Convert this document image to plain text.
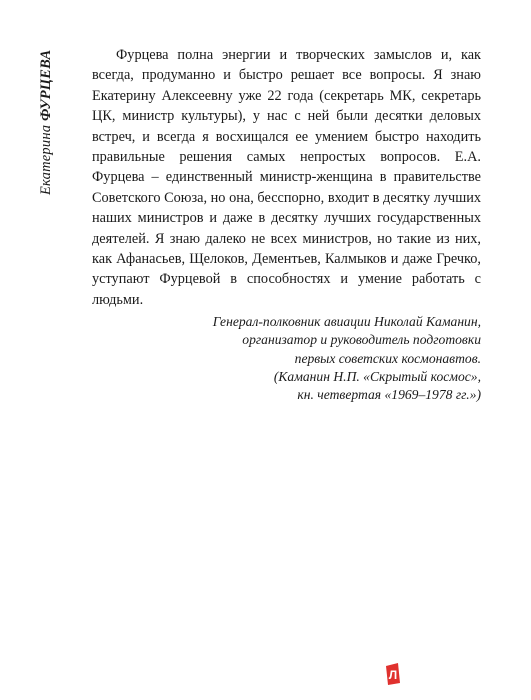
Екатерина ФУРЦЕВА	Фурцева полна энергии и творческих замыслов и, как всегда, продуманно и быстро решает все вопросы. Я знаю Екатерину Алексеевну уже 22 года (секретарь МК, секретарь ЦК, министр культуры), у нас с ней были десятки деловых встреч, и всегда я восхищался ее умением быстро находить правильные решения самых непростых вопросов. Е.А. Фурцева – единственный министр-женщина в правительстве Советского Союза, но она, бесспорно, входит в десятку лучших наших министров и даже в десятку лучших государственных деятелей. Я знаю далеко не всех министров, но такие из них, как Афанасьев, Щелоков, Дементьев, Калмыков и даже Гречко, уступают Фурцевой в способностях и умение работать с людьми.

Генерал-полковник авиации Николай Каманин,
организатор и руководитель подготовки
первых советских космонавтов.
(Каманин Н.П. «Скрытый космос»,
кн. четвертая «1969–1978 гг.»)
Л
